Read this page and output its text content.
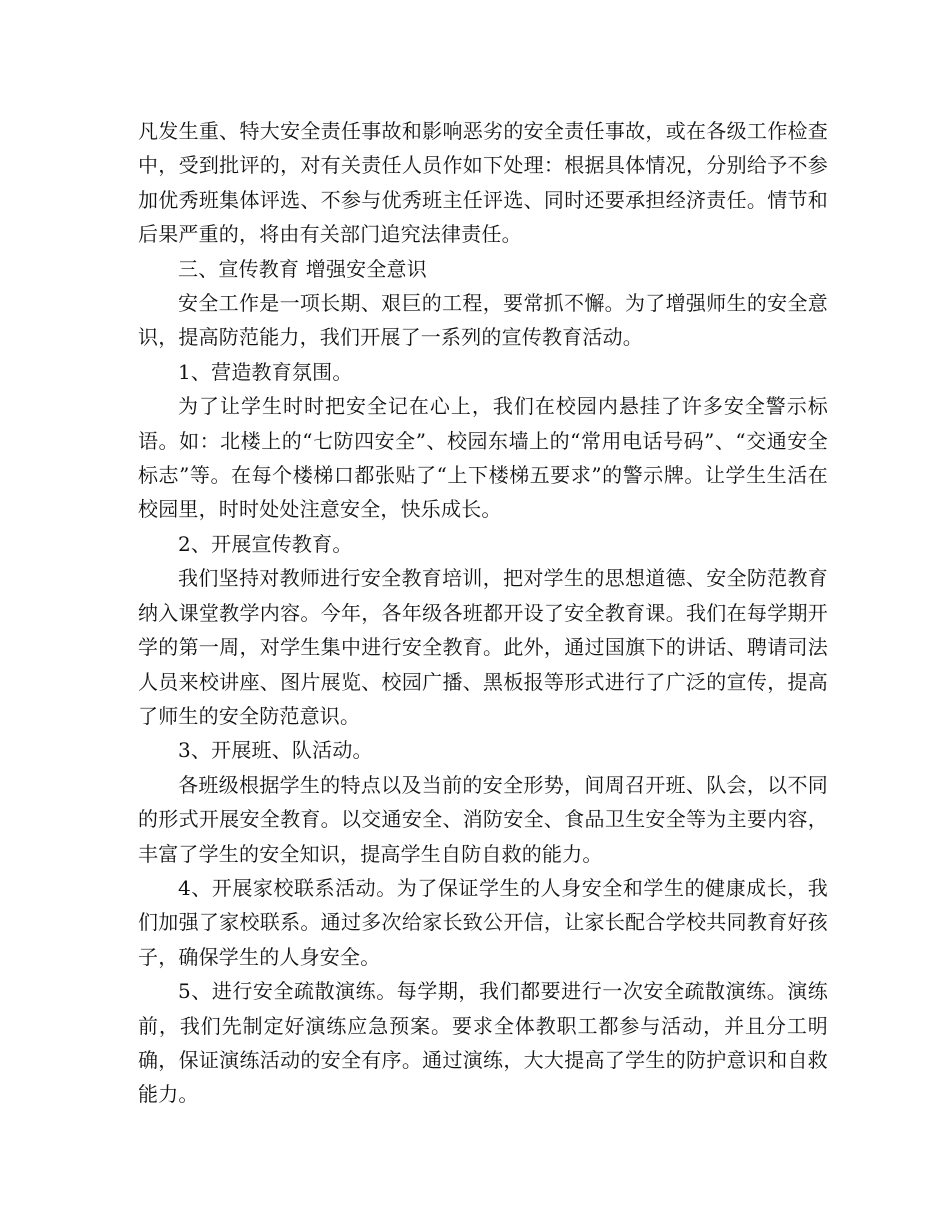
凡发生重、特大安全责任事故和影响恶劣的安全责任事故，或在各级工作检查中，受到批评的，对有关责任人员作如下处理：根据具体情况，分别给予不参加优秀班集体评选、不参与优秀班主任评选、同时还要承担经济责任。情节和后果严重的，将由有关部门追究法律责任。

三、宣传教育 增强安全意识

安全工作是一项长期、艰巨的工程，要常抓不懈。为了增强师生的安全意识，提高防范能力，我们开展了一系列的宣传教育活动。

1、营造教育氛围。

为了让学生时时把安全记在心上，我们在校园内悬挂了许多安全警示标语。如：北楼上的“七防四安全”、校园东墙上的“常用电话号码”、“交通安全标志”等。在每个楼梯口都张贴了“上下楼梯五要求”的警示牌。让学生生活在校园里，时时处处注意安全，快乐成长。

2、开展宣传教育。

我们坚持对教师进行安全教育培训，把对学生的思想道德、安全防范教育纳入课堂教学内容。今年，各年级各班都开设了安全教育课。我们在每学期开学的第一周，对学生集中进行安全教育。此外，通过国旗下的讲话、聘请司法人员来校讲座、图片展览、校园广播、黑板报等形式进行了广泛的宣传，提高了师生的安全防范意识。

3、开展班、队活动。

各班级根据学生的特点以及当前的安全形势，间周召开班、队会，以不同的形式开展安全教育。以交通安全、消防安全、食品卫生安全等为主要内容，丰富了学生的安全知识，提高学生自防自救的能力。

4、开展家校联系活动。为了保证学生的人身安全和学生的健康成长，我们加强了家校联系。通过多次给家长致公开信，让家长配合学校共同教育好孩子，确保学生的人身安全。

5、进行安全疏散演练。每学期，我们都要进行一次安全疏散演练。演练前，我们先制定好演练应急预案。要求全体教职工都参与活动，并且分工明确，保证演练活动的安全有序。通过演练，大大提高了学生的防护意识和自救能力。
